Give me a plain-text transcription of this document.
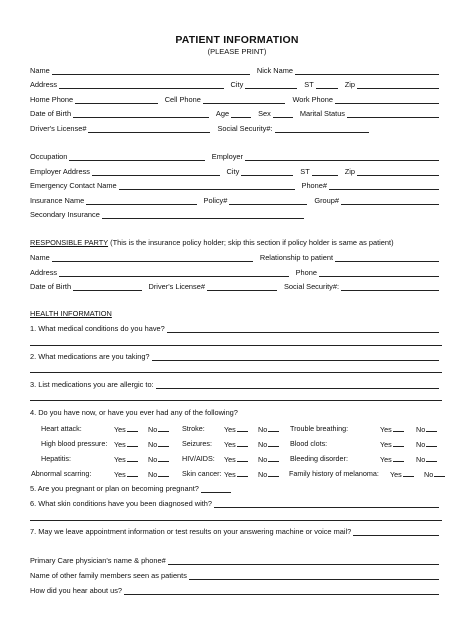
PATIENT INFORMATION
(PLEASE PRINT)
Name	Nick Name
Address	City	ST	Zip
Home Phone	Cell Phone	Work Phone
Date of Birth	Age	Sex	Marital Status
Driver's License#	Social Security#:
Occupation	Employer
Employer Address	City	ST	Zip
Emergency Contact Name	Phone#
Insurance Name	Policy#	Group#
Secondary Insurance
RESPONSIBLE PARTY (This is the insurance policy holder; skip this section if policy holder is same as patient)
Name	Relationship to patient
Address	Phone
Date of Birth	Driver's License#	Social Security#:
HEALTH INFORMATION
1. What medical conditions do you have?
2. What medications are you taking?
3. List medications you are allergic to:
4. Do you have now, or have you ever had any of the following?
Heart attack:	Yes	No	Stroke:	Yes	No	Trouble breathing:	Yes	No
High blood pressure: Yes	No	Seizures: Yes	No	Blood clots:	Yes	No
Hepatitis:	Yes	No	HIV/AIDS: Yes	No	Bleeding disorder:	Yes	No
Abnormal scarring:	Yes	No	Skin cancer: Yes	No	Family history of melanoma: Yes	No
5. Are you pregnant or plan on becoming pregnant?
6. What skin conditions have you been diagnosed with?
7. May we leave appointment information or test results on your answering machine or voice mail?
Primary Care physician's name & phone#
Name of other family members seen as patients
How did you hear about us?
